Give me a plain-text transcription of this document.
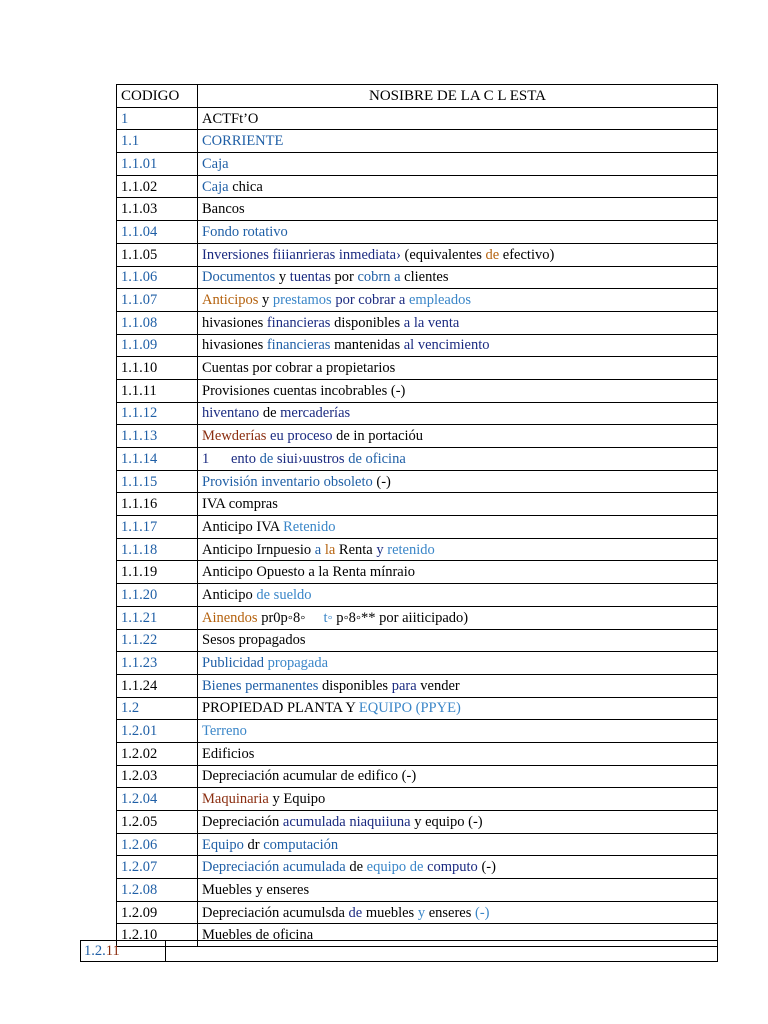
CODIGO	NOSIBRE DE LA C L ESTA
1	ACTFt’O
1.1	CORRIENTE
1.1.01	Caja
1.1.02	Caja chica
1.1.03	Bancos
1.1.04	Fondo rotativo
1.1.05	Inversiones fiiianrieras inmediata› (equivalentes de efectivo)
1.1.06	Documentos y tuentas por cobrn a clientes
1.1.07	Anticipos y prestamos por cobrar a empleados
1.1.08	hivasiones financieras disponibles a la venta
1.1.09	hivasiones financieras mantenidas al vencimiento
1.1.10	Cuentas por cobrar a propietarios
1.1.11	Provisiones cuentas incobrables (-)
1.1.12	hiventano de mercaderías
1.1.13	Mewderías eu proceso de in portacióu
1.1.14	1      ento de siui›uustros de oficina
1.1.15	Provisión inventario obsoleto (-)
1.1.16	IVA compras
1.1.17	Anticipo IVA Retenido
1.1.18	Anticipo Irnpuesio a la Renta y retenido
1.1.19	Anticipo Opuesto a la Renta mínraio
1.1.20	Anticipo de sueldo
1.1.21	Ainendos pr0p◦8◦     t◦ p◦8◦** por aiiticipado)
1.1.22	Sesos propagados
1.1.23	Publicidad propagada
1.1.24	Bienes permanentes disponibles para vender
1.2	PROPIEDAD PLANTA Y EQUIPO (PPYE)
1.2.01	Terreno
1.2.02	Edificios
1.2.03	Depreciación acumular de edifico (-)
1.2.04	Maquinaria y Equipo
1.2.05	Depreciación acumulada niaquiiuna y equipo (-)
1.2.06	Equipo dr computación
1.2.07	Depreciación acumulada de equipo de computo (-)
1.2.08	Muebles y enseres
1.2.09	Depreciación acumulsda de muebles y enseres (-)
1.2.10	Muebles de oficina
1.2.11	
